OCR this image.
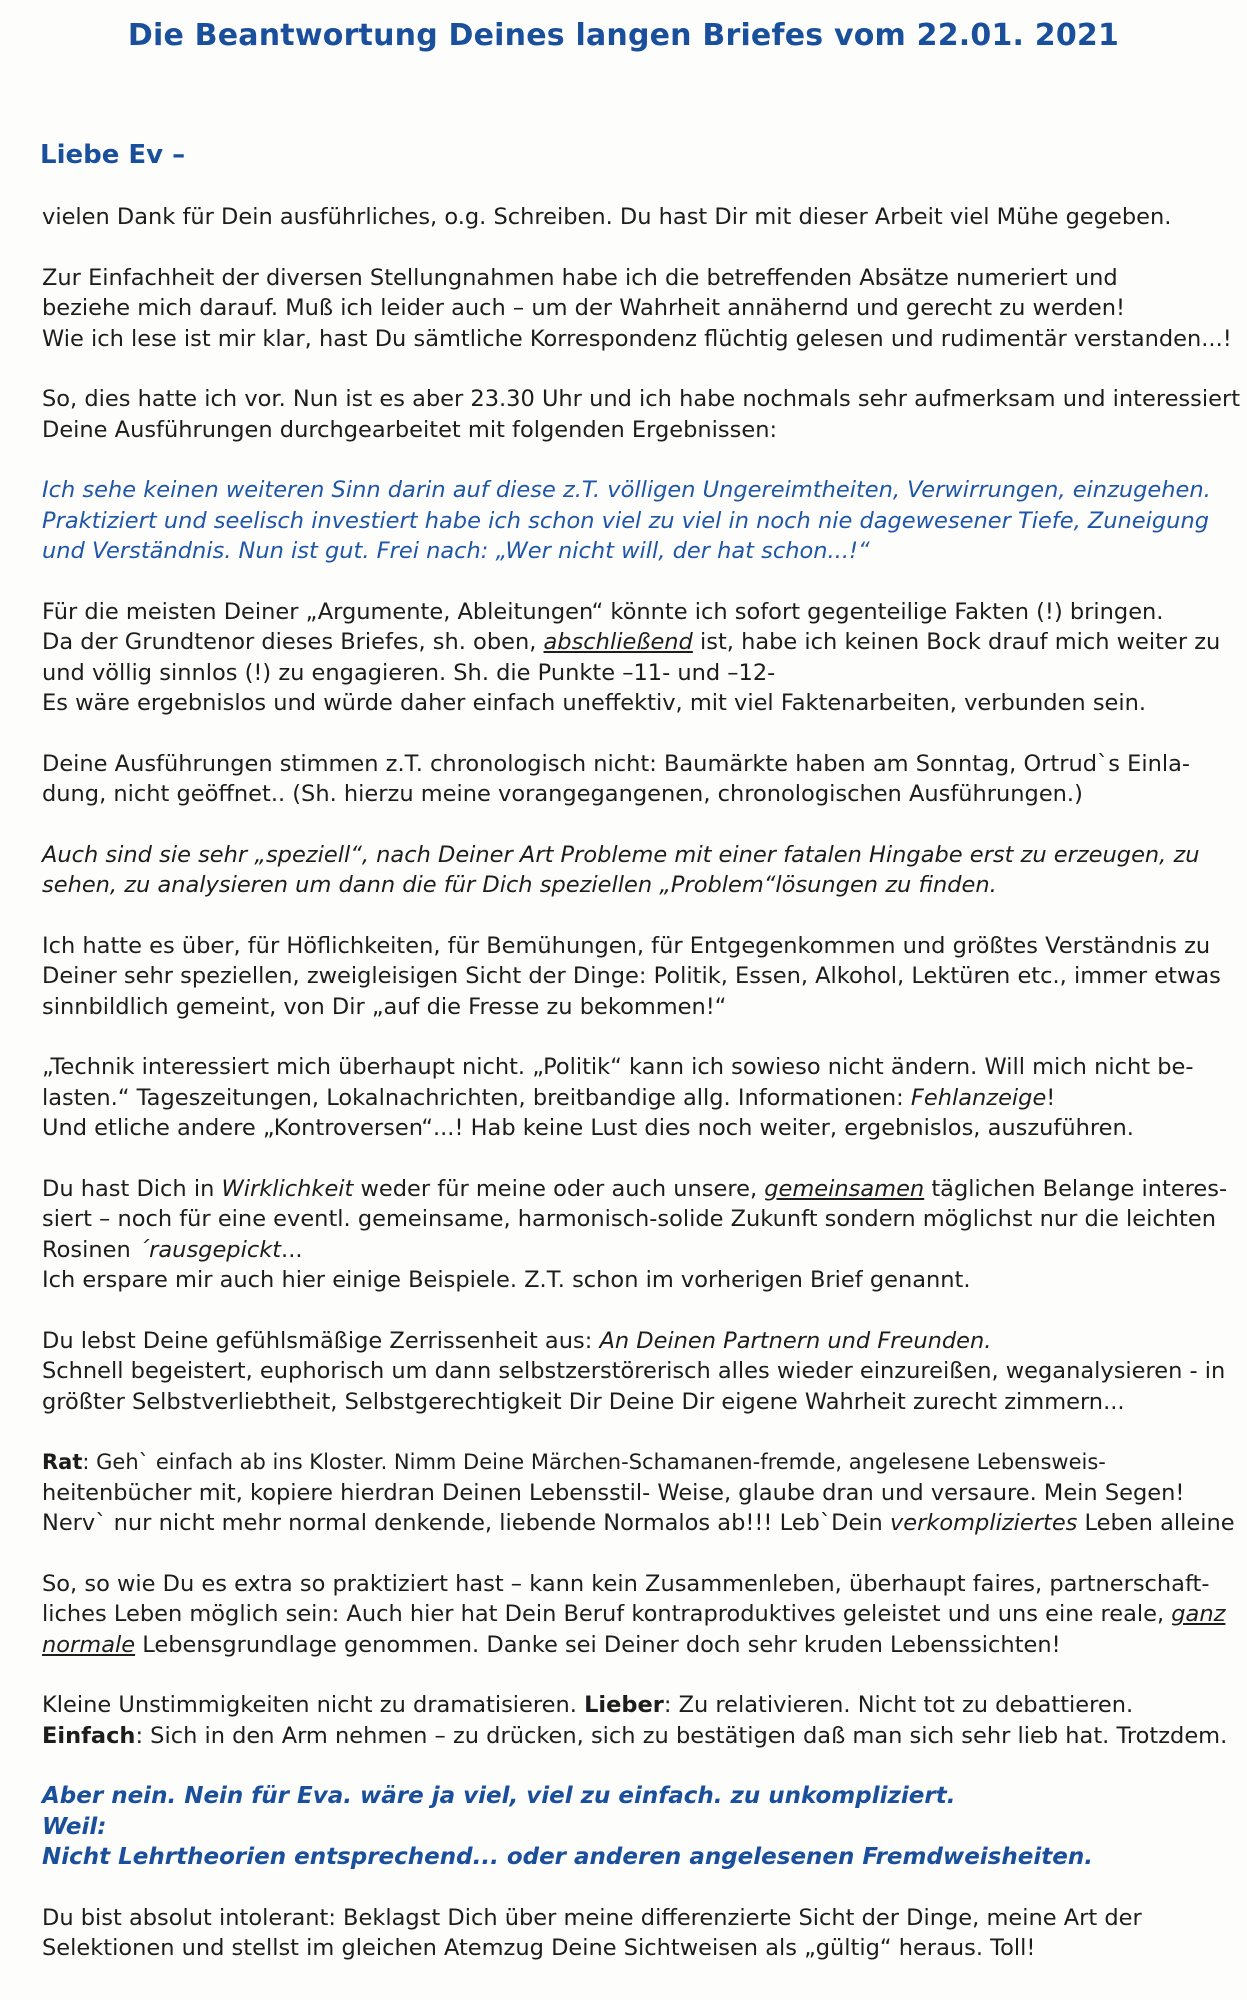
Die Beantwortung Deines langen Briefes vom 22.01. 2021
Liebe Ev –
vielen Dank für Dein ausführliches, o.g. Schreiben. Du hast Dir mit dieser Arbeit viel Mühe gegeben.
Zur Einfachheit der diversen Stellungnahmen habe ich die betreffenden Absätze numeriert und
beziehe mich darauf. Muß ich leider auch – um der Wahrheit annähernd und gerecht zu werden!
Wie ich lese ist mir klar, hast Du sämtliche Korrespondenz flüchtig gelesen und rudimentär verstanden...!
So, dies hatte ich vor. Nun ist es aber 23.30 Uhr und ich habe nochmals sehr aufmerksam und interessiert
Deine Ausführungen durchgearbeitet mit folgenden Ergebnissen:
Ich sehe keinen weiteren Sinn darin auf diese z.T. völligen Ungereimtheiten, Verwirrungen, einzugehen.
Praktiziert und seelisch investiert habe ich schon viel zu viel in noch nie dagewesener Tiefe, Zuneigung
und Verständnis. Nun ist gut. Frei nach: „Wer nicht will, der hat schon...!“
Für die meisten Deiner „Argumente, Ableitungen“ könnte ich sofort gegenteilige Fakten (!) bringen.
Da der Grundtenor dieses Briefes, sh. oben, abschließend ist, habe ich keinen Bock drauf mich weiter zu
und völlig sinnlos (!) zu engagieren. Sh. die Punkte –11- und –12-
Es wäre ergebnislos und würde daher einfach uneffektiv, mit viel Faktenarbeiten, verbunden sein.
Deine Ausführungen stimmen z.T. chronologisch nicht: Baumärkte haben am Sonntag, Ortrud`s Einla-
dung, nicht geöffnet.. (Sh. hierzu meine vorangegangenen, chronologischen Ausführungen.)
Auch sind sie sehr „speziell“, nach Deiner Art Probleme mit einer fatalen Hingabe erst zu erzeugen, zu
sehen, zu analysieren um dann die für Dich speziellen „Problem“lösungen zu finden.
Ich hatte es über, für Höflichkeiten, für Bemühungen, für Entgegenkommen und größtes Verständnis zu
Deiner sehr speziellen, zweigleisigen Sicht der Dinge: Politik, Essen, Alkohol, Lektüren etc., immer etwas
sinnbildlich gemeint, von Dir „auf die Fresse zu bekommen!“
„Technik interessiert mich überhaupt nicht. „Politik“ kann ich sowieso nicht ändern. Will mich nicht be-
lasten.“ Tageszeitungen, Lokalnachrichten, breitbandige allg. Informationen: Fehlanzeige!
Und etliche andere „Kontroversen“...! Hab keine Lust dies noch weiter, ergebnislos, auszuführen.
Du hast Dich in Wirklichkeit weder für meine oder auch unsere, gemeinsamen täglichen Belange interes-
siert – noch für eine eventl. gemeinsame, harmonisch-solide Zukunft sondern möglichst nur die leichten
Rosinen ´rausgepickt...
Ich erspare mir auch hier einige Beispiele. Z.T. schon im vorherigen Brief genannt.
Du lebst Deine gefühlsmäßige Zerrissenheit aus: An Deinen Partnern und Freunden.
Schnell begeistert, euphorisch um dann selbstzerstörerisch alles wieder einzureißen, weganalysieren - in
größter Selbstverliebtheit, Selbstgerechtigkeit Dir Deine Dir eigene Wahrheit zurecht zimmern...
Rat: Geh` einfach ab ins Kloster. Nimm Deine Märchen-Schamanen-fremde, angelesene Lebensweis-
heitenbücher mit, kopiere hierdran Deinen Lebensstil- Weise, glaube dran und versaure. Mein Segen!
Nerv` nur nicht mehr normal denkende, liebende Normalos ab!!! Leb`Dein verkompliziertes Leben alleine
So, so wie Du es extra so praktiziert hast – kann kein Zusammenleben, überhaupt faires, partnerschaft-
liches Leben möglich sein: Auch hier hat Dein Beruf kontraproduktives geleistet und uns eine reale, ganz
normale Lebensgrundlage genommen. Danke sei Deiner doch sehr kruden Lebenssichten!
Kleine Unstimmigkeiten nicht zu dramatisieren. Lieber: Zu relativieren. Nicht tot zu debattieren.
Einfach: Sich in den Arm nehmen – zu drücken, sich zu bestätigen daß man sich sehr lieb hat. Trotzdem.
Aber nein. Nein für Eva. wäre ja viel, viel zu einfach. zu unkompliziert.
Weil:
Nicht Lehrtheorien entsprechend... oder anderen angelesenen Fremdweisheiten.
Du bist absolut intolerant: Beklagst Dich über meine differenzierte Sicht der Dinge, meine Art der
Selektionen und stellst im gleichen Atemzug Deine Sichtweisen als „gültig“ heraus. Toll!
